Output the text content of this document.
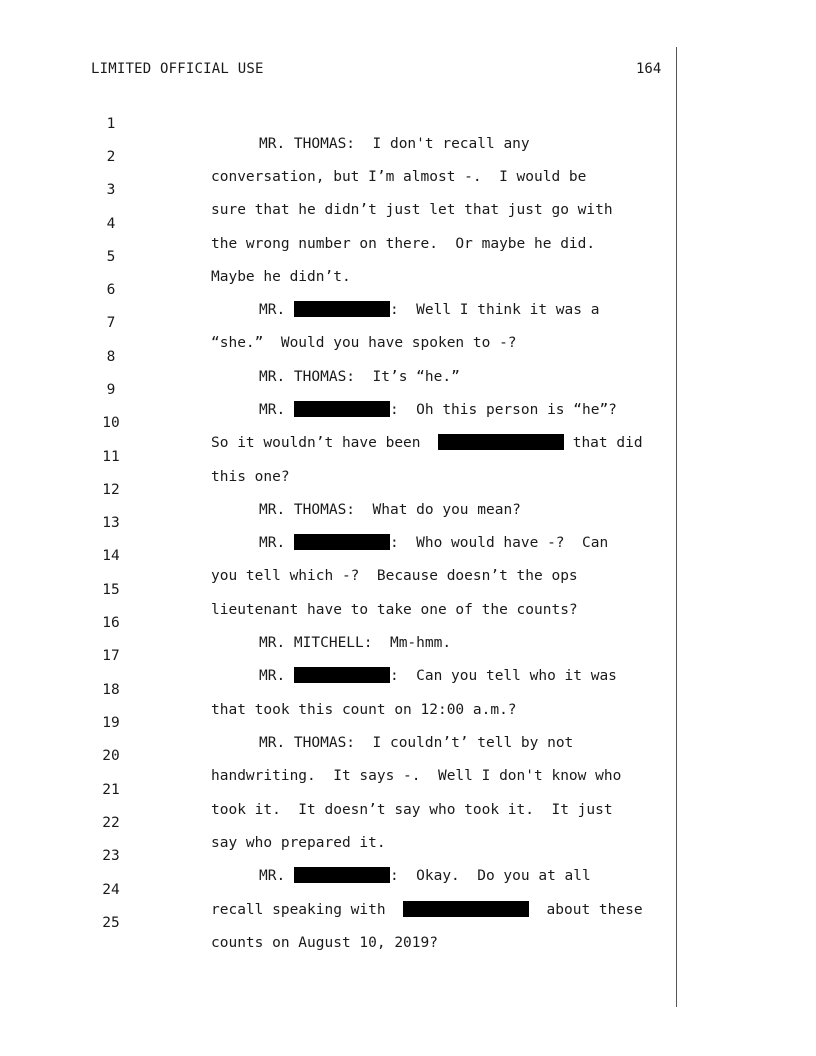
LIMITED OFFICIAL USE	164

1

MR. THOMAS: I don't recall any

2

conversation, but I’m almost -.  I would be

3

sure that he didn’t just let that just go with

4

the wrong number on there.  Or maybe he did.

5

Maybe he didn’t.

6

MR.	:  Well I think it was a

7

“she.”  Would you have spoken to -?

8

MR. THOMAS: It’s “he.”

9

MR.	:  Oh this person is “he”?

10

So it wouldn’t have been	that did

11

this one?

12

MR. THOMAS: What do you mean?

13

MR.	:  Who would have -?  Can

14

you tell which -?  Because doesn’t the ops

15

lieutenant have to take one of the counts?

16

MR. MITCHELL: Mm-hmm.

17

MR.	:  Can you tell who it was

18

that took this count on 12:00 a.m.?

19

MR. THOMAS: I couldn’t’ tell by not

20

handwriting.  It says -.  Well I don't know who

21

took it.  It doesn’t say who took it.  It just

22

say who prepared it.

23

MR.	:  Okay.  Do you at all

24

recall speaking with	about these

25

counts on August 10, 2019?
